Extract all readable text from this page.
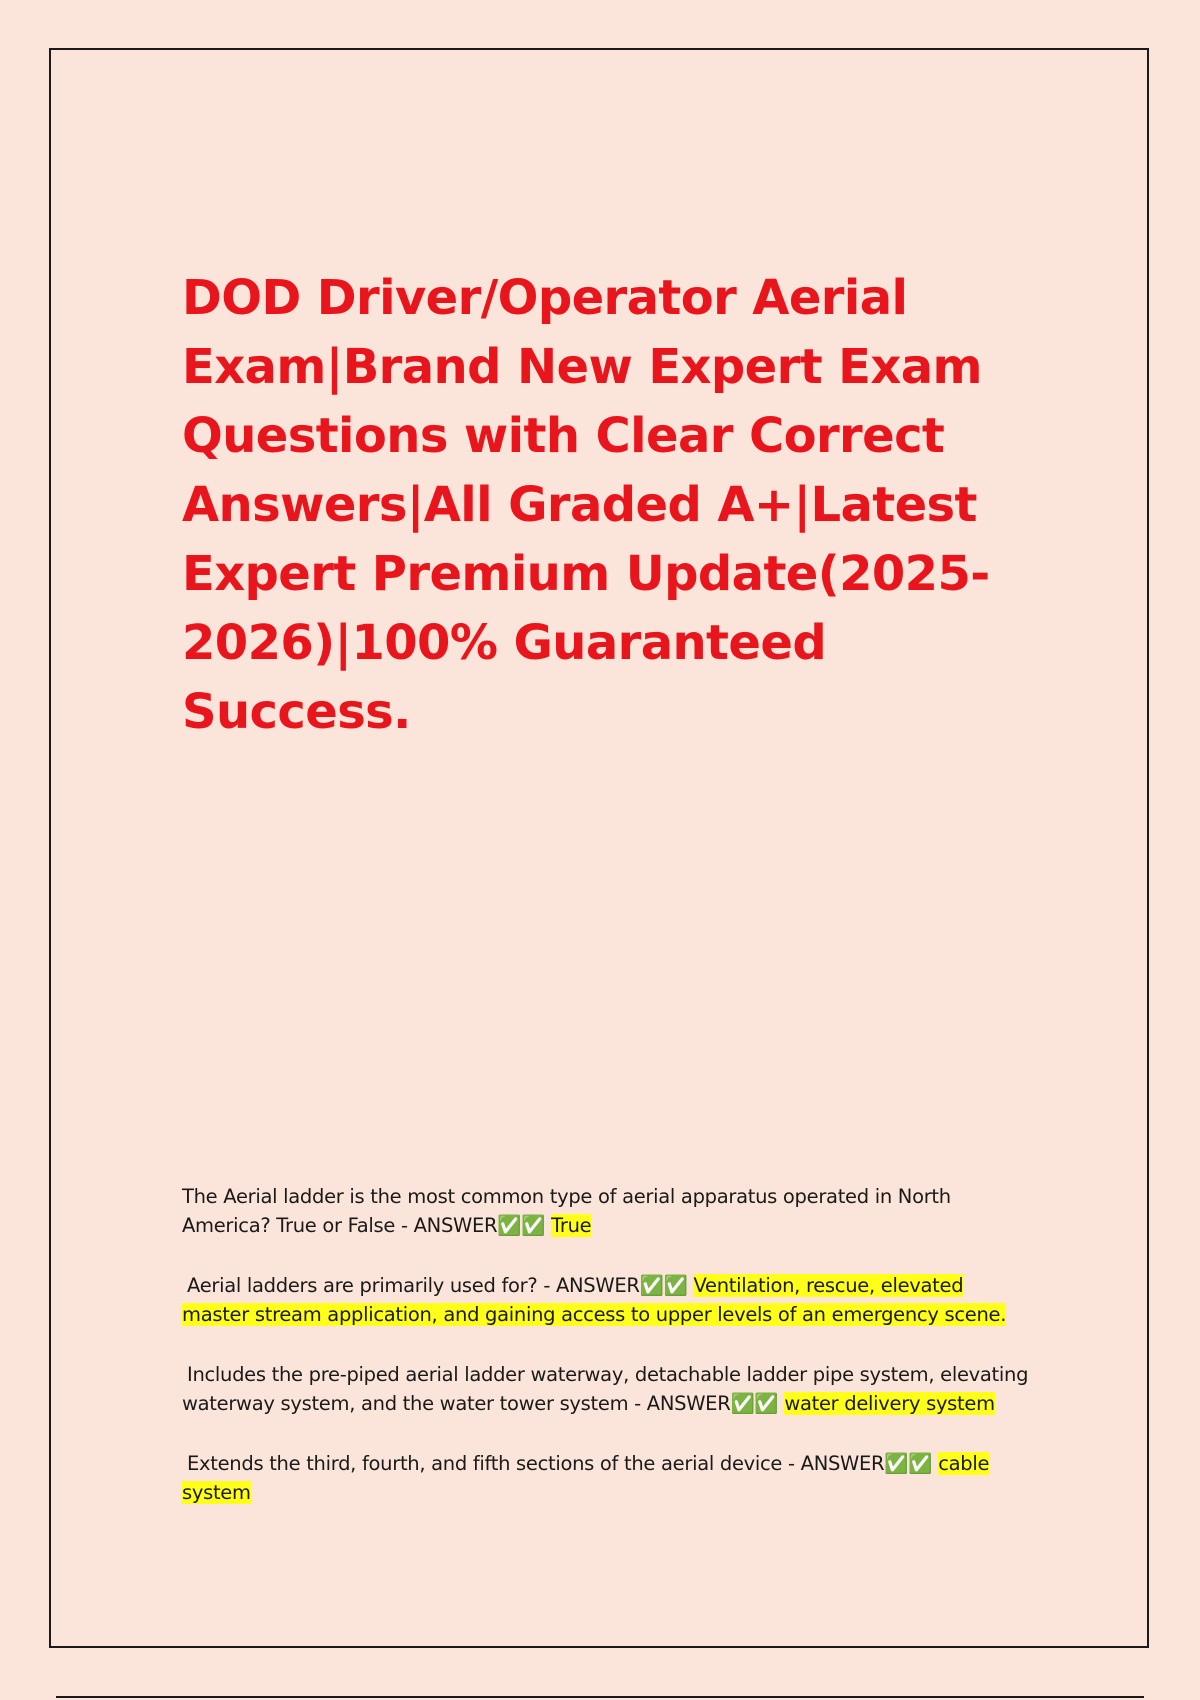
DOD Driver/Operator Aerial Exam|Brand New Expert Exam Questions with Clear Correct Answers|All Graded A+|Latest Expert Premium Update(2025-2026)|100% Guaranteed Success.

The Aerial ladder is the most common type of aerial apparatus operated in North America? True or False - ANSWER✅✅ True

Aerial ladders are primarily used for? - ANSWER✅✅ Ventilation, rescue, elevated master stream application, and gaining access to upper levels of an emergency scene.

Includes the pre-piped aerial ladder waterway, detachable ladder pipe system, elevating waterway system, and the water tower system - ANSWER✅✅ water delivery system

Extends the third, fourth, and fifth sections of the aerial device - ANSWER✅✅ cable system
